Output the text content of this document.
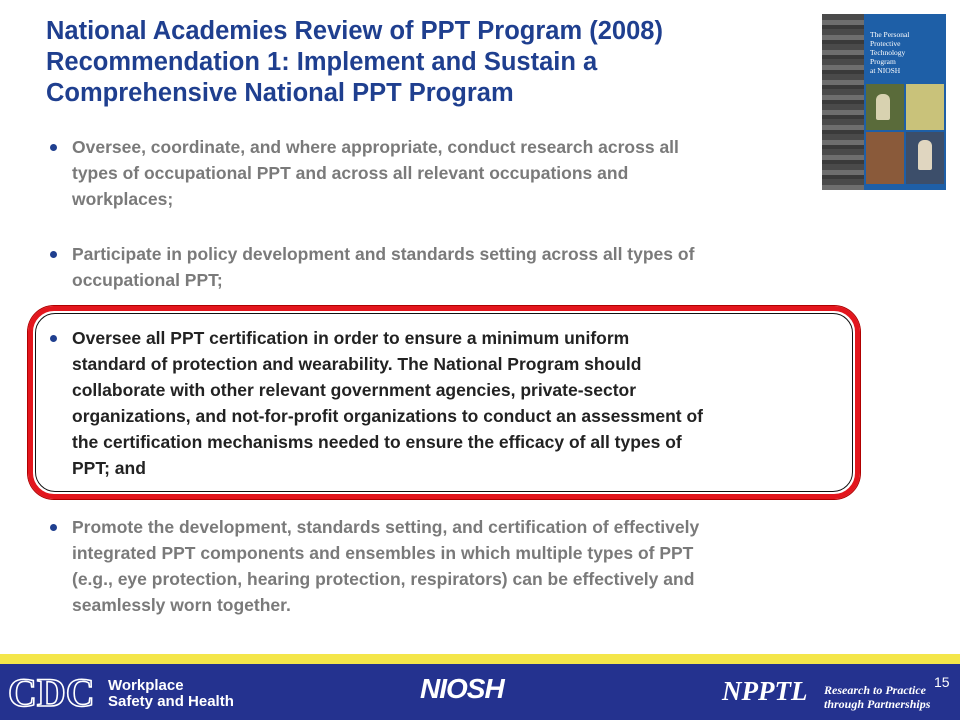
National Academies Review of PPT Program (2008)
Recommendation 1: Implement and Sustain a
Comprehensive National PPT Program
The Personal
Protective
Technology
Program
at NIOSH
Oversee, coordinate, and where appropriate, conduct research across all
types of occupational PPT and across all relevant occupations and
workplaces;
Participate in policy development and standards setting across all types of
occupational PPT;
Oversee all PPT certification in order to ensure a minimum uniform
standard of protection and wearability. The National Program should
collaborate with other relevant government agencies, private-sector
organizations, and not-for-profit organizations to conduct an assessment of
the certification mechanisms needed to ensure the efficacy of all types of
PPT; and
Promote the development, standards setting, and certification of effectively
integrated PPT components and ensembles in which multiple types of PPT
(e.g., eye protection, hearing protection, respirators) can be effectively and
seamlessly worn together.
CDC Workplace
Safety and Health	NIOSH	NPPTL Research to Practice
through Partnerships
15
